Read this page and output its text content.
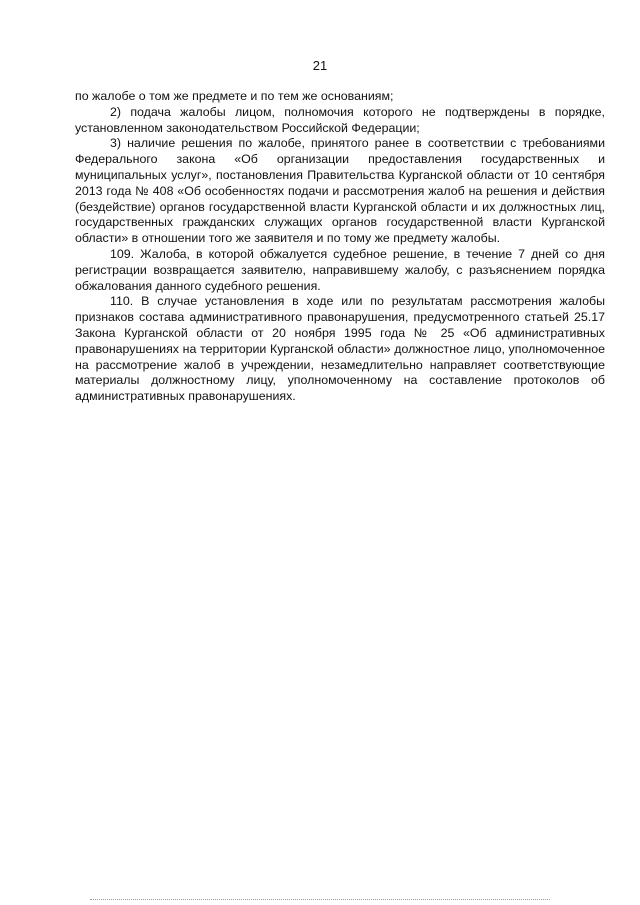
21

по жалобе о том же предмете и по тем же основаниям;

2) подача жалобы лицом, полномочия которого не подтверждены в порядке, установленном законодательством Российской Федерации;

3) наличие решения по жалобе, принятого ранее в соответствии с требованиями Федерального закона «Об организации предоставления государственных и муниципальных услуг», постановления Правительства Курганской области от 10 сентября 2013 года № 408 «Об особенностях подачи и рассмотрения жалоб на решения и действия (бездействие) органов государственной власти Курганской области и их должностных лиц, государственных гражданских служащих органов государственной власти Курганской области» в отношении того же заявителя и по тому же предмету жалобы.

109. Жалоба, в которой обжалуется судебное решение, в течение 7 дней со дня регистрации возвращается заявителю, направившему жалобу, с разъяснением порядка обжалования данного судебного решения.

110. В случае установления в ходе или по результатам рассмотрения жалобы признаков состава административного правонарушения, предусмотренного статьей 25.17 Закона Курганской области от 20 ноября 1995 года № 25 «Об административных правонарушениях на территории Курганской области» должностное лицо, уполномоченное на рассмотрение жалоб в учреждении, незамедлительно направляет соответствующие материалы должностному лицу, уполномоченному на составление протоколов об административных правонарушениях.
